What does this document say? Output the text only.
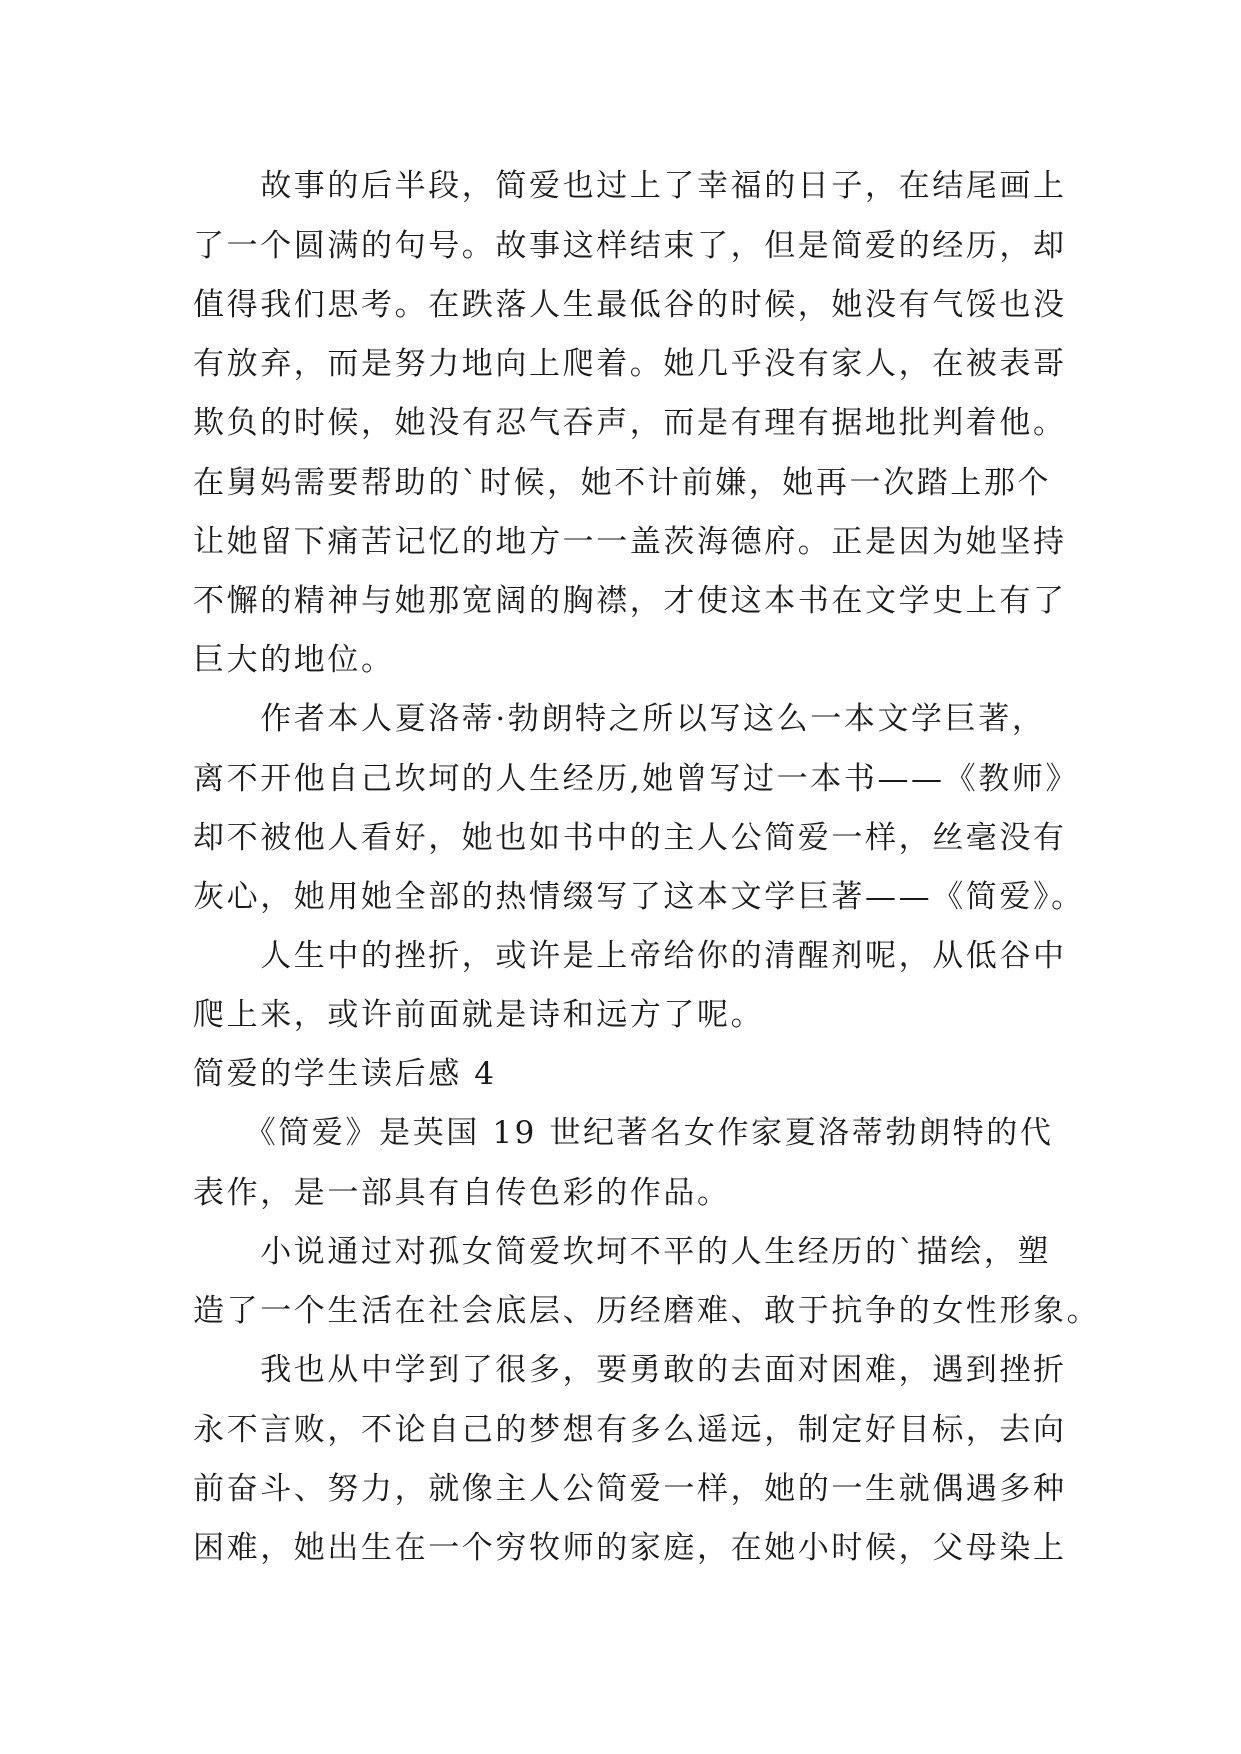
　　故事的后半段，简爱也过上了幸福的日子，在结尾画上
了一个圆满的句号。故事这样结束了，但是简爱的经历，却
值得我们思考。在跌落人生最低谷的时候，她没有气馁也没
有放弃，而是努力地向上爬着。她几乎没有家人，在被表哥
欺负的时候，她没有忍气吞声，而是有理有据地批判着他。
在舅妈需要帮助的`时候，她不计前嫌，她再一次踏上那个
让她留下痛苦记忆的地方一一盖茨海德府。正是因为她坚持
不懈的精神与她那宽阔的胸襟，才使这本书在文学史上有了
巨大的地位。
　　作者本人夏洛蒂·勃朗特之所以写这么一本文学巨著，
离不开他自己坎坷的人生经历,她曾写过一本书——《教师》
却不被他人看好，她也如书中的主人公简爱一样，丝毫没有
灰心，她用她全部的热情缀写了这本文学巨著——《简爱》。
　　人生中的挫折，或许是上帝给你的清醒剂呢，从低谷中
爬上来，或许前面就是诗和远方了呢。
简爱的学生读后感 4
　　《简爱》是英国 19 世纪著名女作家夏洛蒂勃朗特的代
表作，是一部具有自传色彩的作品。
　　小说通过对孤女简爱坎坷不平的人生经历的`描绘，塑
造了一个生活在社会底层、历经磨难、敢于抗争的女性形象。
　　我也从中学到了很多，要勇敢的去面对困难，遇到挫折
永不言败，不论自己的梦想有多么遥远，制定好目标，去向
前奋斗、努力，就像主人公简爱一样，她的一生就偶遇多种
困难，她出生在一个穷牧师的家庭，在她小时候，父母染上
